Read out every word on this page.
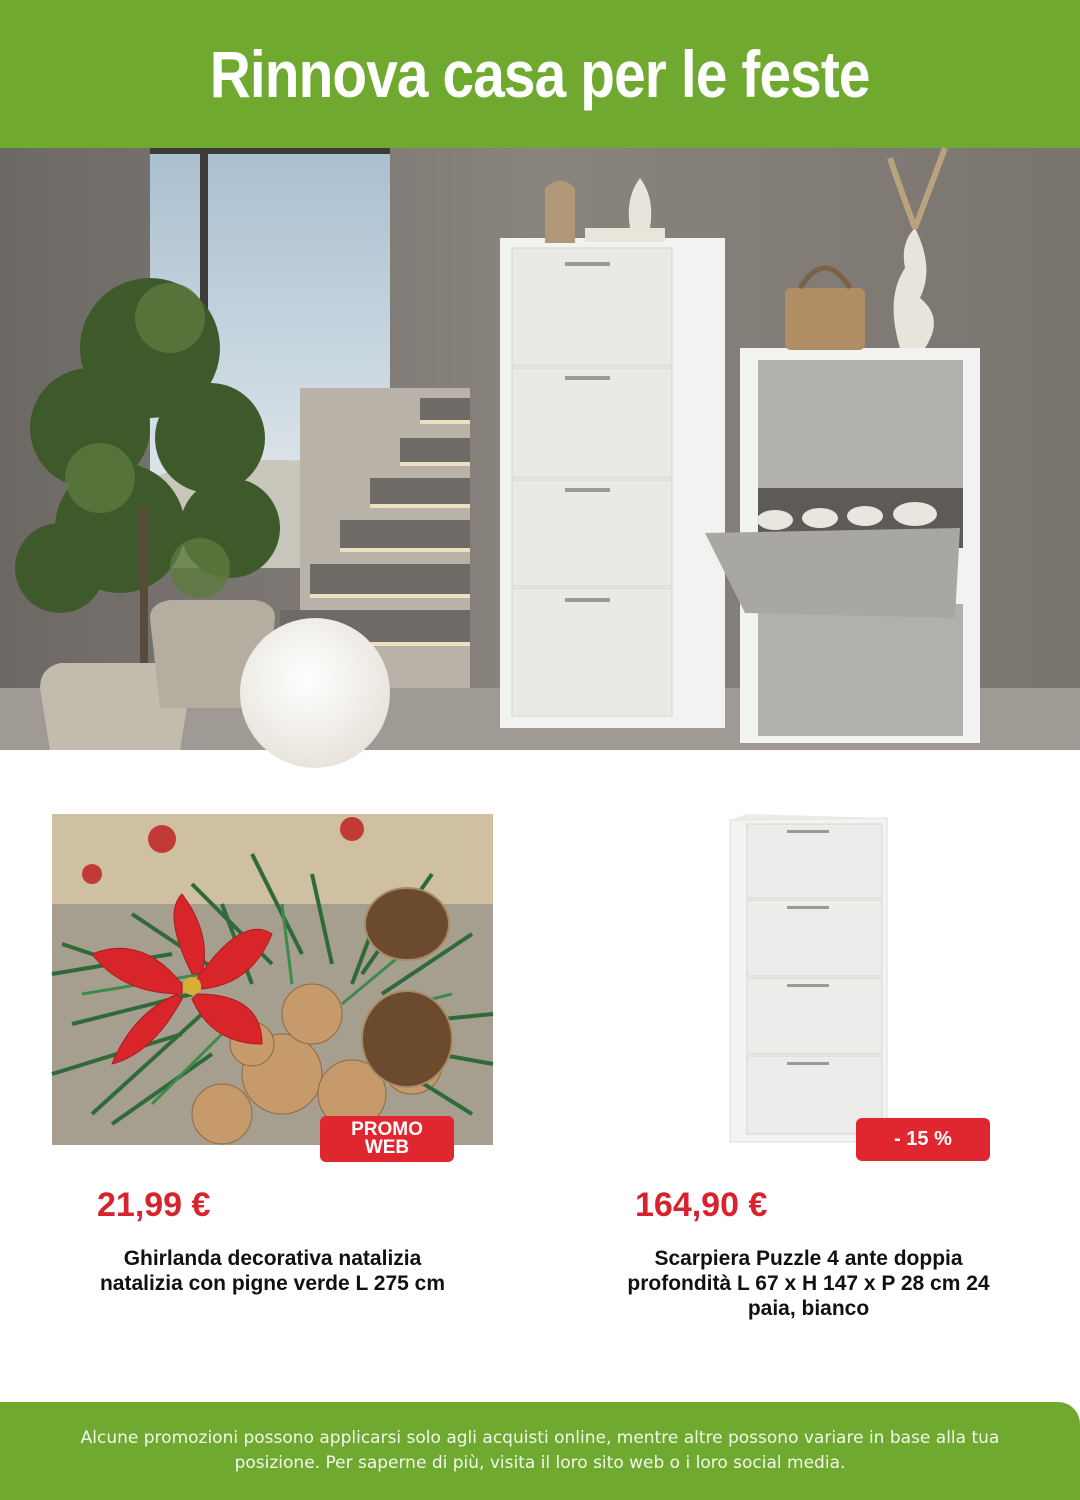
Rinnova casa per le feste
PROMO
WEB
21,99 €
Ghirlanda decorativa natalizia
natalizia con pigne verde L 275 cm
- 15 %
164,90 €
Scarpiera Puzzle 4 ante doppia
profondità L 67 x H 147 x P 28 cm 24
paia, bianco

Alcune promozioni possono applicarsi solo agli acquisti online, mentre altre possono variare in base alla tua
posizione. Per saperne di più, visita il loro sito web o i loro social media.
